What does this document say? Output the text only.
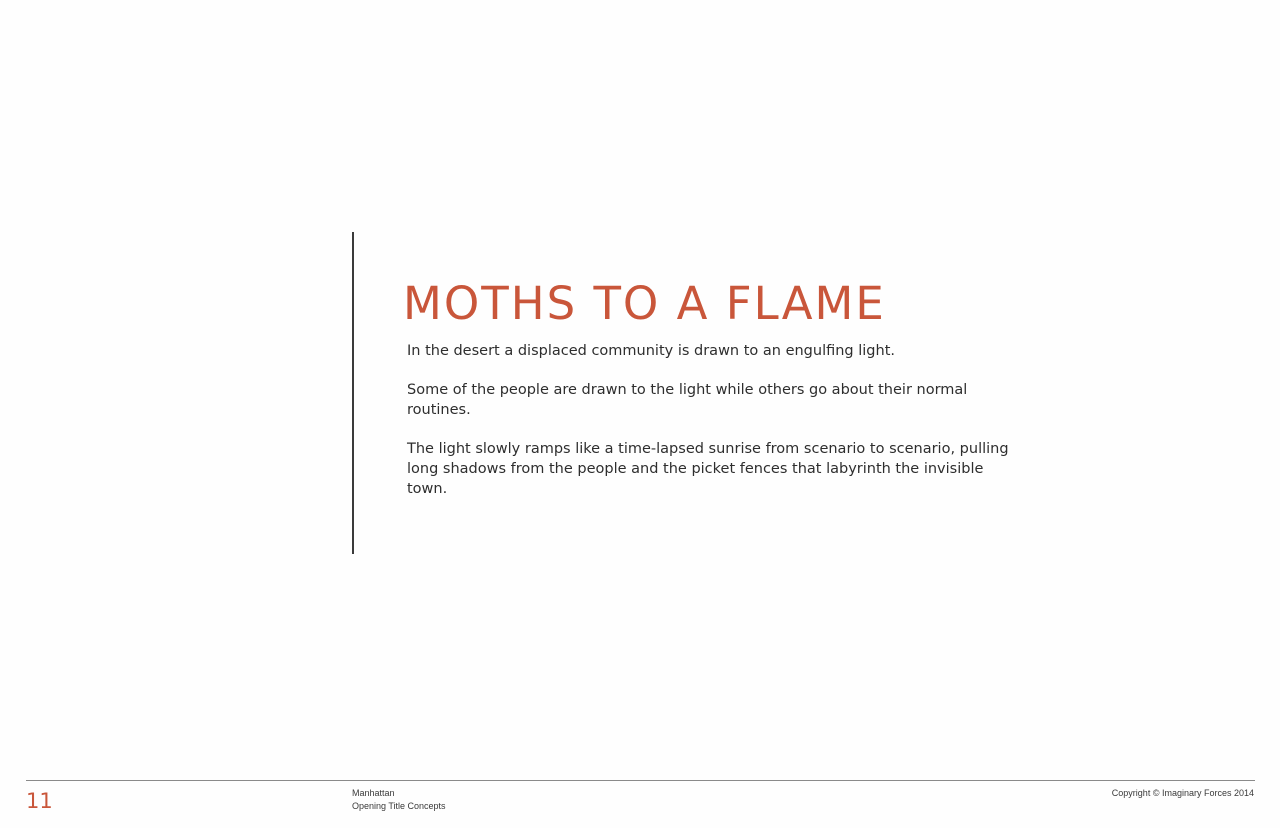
MOTHS TO A FLAME

In the desert a displaced community is drawn to an engulfing light.

Some of the people are drawn to the light while others go about their normal routines.

The light slowly ramps like a time-lapsed sunrise from scenario to scenario, pulling long shadows from the people and the picket fences that labyrinth the invisible town.

11	Manhattan
Opening Title Concepts
Copyright © Imaginary Forces 2014
